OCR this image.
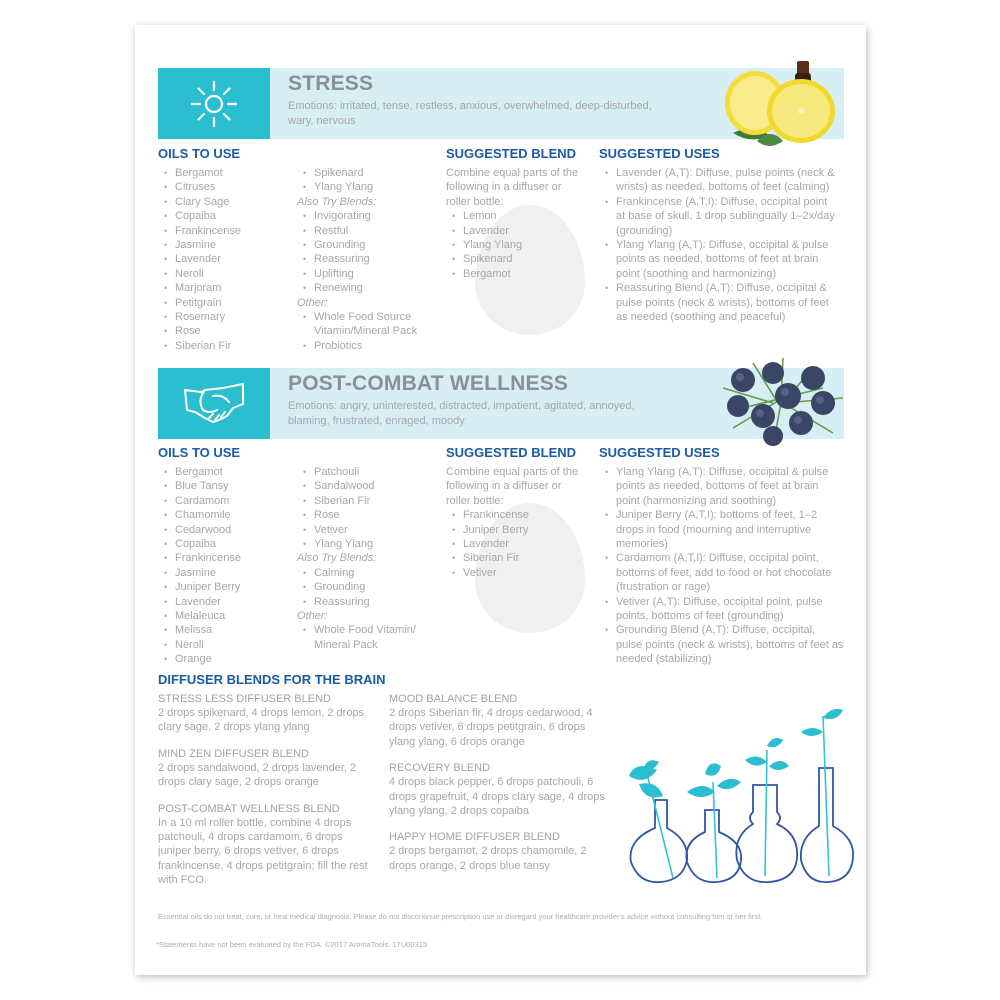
STRESS
Emotions: irritated, tense, restless, anxious, overwhelmed, deep-disturbed, wary, nervous
OILS TO USE
• Bergamot
• Citruses
• Clary Sage
• Copaiba
• Frankincense
• Jasmine
• Lavender
• Neroli
• Marjoram
• Petitgrain
• Rosemary
• Rose
• Siberian Fir
• Spikenard
• Ylang Ylang
Also Try Blends:
• Invigorating
• Restful
• Grounding
• Reassuring
• Uplifting
• Renewing
Other:
• Whole Food Source Vitamin/Mineral Pack
• Probiotics
SUGGESTED BLEND
Combine equal parts of the following in a diffuser or roller bottle:
• Lemon
• Lavender
• Ylang Ylang
• Spikenard
• Bergamot
SUGGESTED USES
• Lavender (A,T): Diffuse, pulse points (neck & wrists) as needed, bottoms of feet (calming)
• Frankincense (A,T,I): Diffuse, occipital point at base of skull, 1 drop sublingually 1–2x/day (grounding)
• Ylang Ylang (A,T): Diffuse, occipital & pulse points as needed, bottoms of feet at brain point (soothing and harmonizing)
• Reassuring Blend (A,T): Diffuse, occipital & pulse points (neck & wrists), bottoms of feet as needed (soothing and peaceful)
POST-COMBAT WELLNESS
Emotions: angry, uninterested, distracted, impatient, agitated, annoyed, blaming, frustrated, enraged, moody
OILS TO USE
• Bergamot
• Blue Tansy
• Cardamom
• Chamomile
• Cedarwood
• Copaiba
• Frankincense
• Jasmine
• Juniper Berry
• Lavender
• Melaleuca
• Melissa
• Neroli
• Orange
• Patchouli
• Sandalwood
• Siberian Fir
• Rose
• Vetiver
• Ylang Ylang
Also Try Blends:
• Calming
• Grounding
• Reassuring
Other:
• Whole Food Vitamin/ Mineral Pack
SUGGESTED BLEND
Combine equal parts of the following in a diffuser or roller bottle:
• Frankincense
• Juniper Berry
• Lavender
• Siberian Fir
• Vetiver
SUGGESTED USES
• Ylang Ylang (A,T): Diffuse, occipital & pulse points as needed, bottoms of feet at brain point (harmonizing and soothing)
• Juniper Berry (A,T,I): bottoms of feet, 1–2 drops in food (mourning and interruptive memories)
• Cardamom (A,T,I): Diffuse, occipital point, bottoms of feet, add to food or hot chocolate (frustration or rage)
• Vetiver (A,T): Diffuse, occipital point, pulse points, bottoms of feet (grounding)
• Grounding Blend (A,T): Diffuse, occipital, pulse points (neck & wrists), bottoms of feet as needed (stabilizing)
DIFFUSER BLENDS FOR THE BRAIN
STRESS LESS DIFFUSER BLEND
2 drops spikenard, 4 drops lemon, 2 drops clary sage, 2 drops ylang ylang
MIND ZEN DIFFUSER BLEND
2 drops sandalwood, 2 drops lavender, 2 drops clary sage, 2 drops orange
POST-COMBAT WELLNESS BLEND
In a 10 ml roller bottle, combine 4 drops patchouli, 4 drops cardamom, 6 drops juniper berry, 6 drops vetiver, 6 drops frankincense, 4 drops petitgrain; fill the rest with FCO.
MOOD BALANCE BLEND
2 drops Siberian fir, 4 drops cedarwood, 4 drops vetiver, 6 drops petitgrain, 6 drops ylang ylang, 6 drops orange
RECOVERY BLEND
4 drops black pepper, 6 drops patchouli, 6 drops grapefruit, 4 drops clary sage, 4 drops ylang ylang, 2 drops copaiba
HAPPY HOME DIFFUSER BLEND
2 drops bergamot, 2 drops chamomile, 2 drops orange, 2 drops blue tansy
Essential oils do not treat, cure, or heal medical diagnosis. Please do not discontinue prescription use or disregard your healthcare provider's advice without consulting him or her first.
*Statements have not been evaluated by the FDA. ©2017 AromaTools. 17U00315
